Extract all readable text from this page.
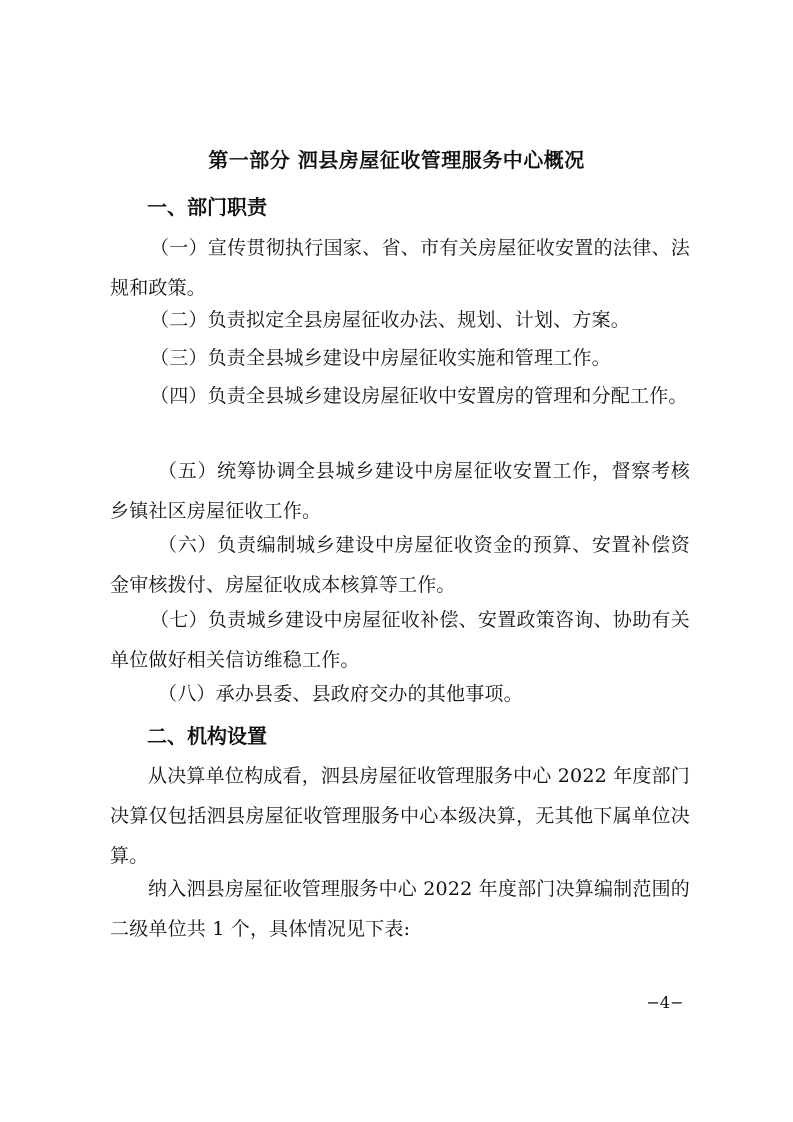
第一部分 泗县房屋征收管理服务中心概况
一、部门职责

（一）宣传贯彻执行国家、省、市有关房屋征收安置的法律、法规和政策。

（二）负责拟定全县房屋征收办法、规划、计划、方案。

（三）负责全县城乡建设中房屋征收实施和管理工作。

（四）负责全县城乡建设房屋征收中安置房的管理和分配工作。

（五）统筹协调全县城乡建设中房屋征收安置工作，督察考核乡镇社区房屋征收工作。

（六）负责编制城乡建设中房屋征收资金的预算、安置补偿资金审核拨付、房屋征收成本核算等工作。

（七）负责城乡建设中房屋征收补偿、安置政策咨询、协助有关单位做好相关信访维稳工作。

（八）承办县委、县政府交办的其他事项。

二、机构设置

从决算单位构成看，泗县房屋征收管理服务中心 2022 年度部门决算仅包括泗县房屋征收管理服务中心本级决算，无其他下属单位决算。

纳入泗县房屋征收管理服务中心 2022 年度部门决算编制范围的二级单位共 1 个，具体情况见下表:

−4−
